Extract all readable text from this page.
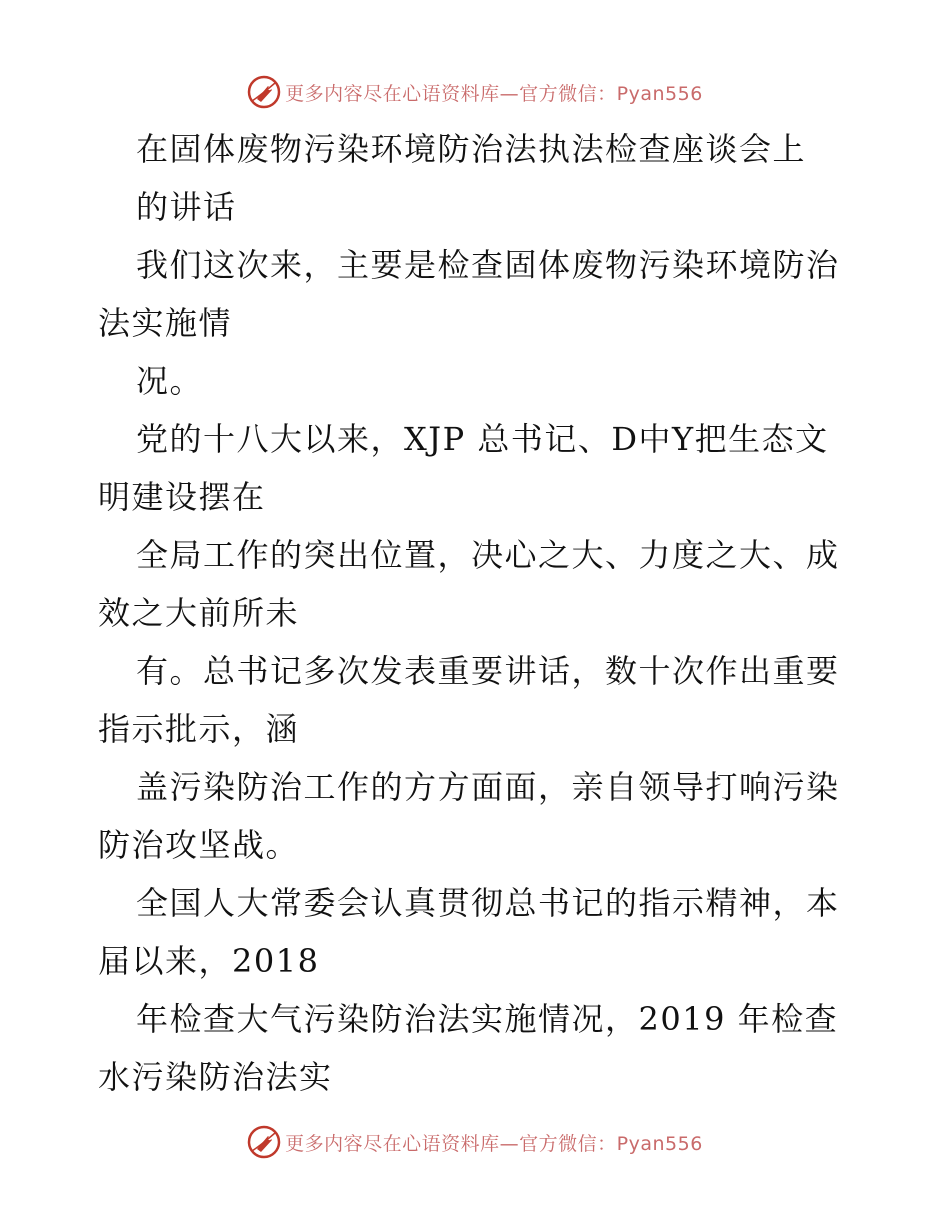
更多内容尽在心语资料库—官方微信：Pyan556
在固体废物污染环境防治法执法检查座谈会上
的讲话
我们这次来，主要是检查固体废物污染环境防治
法实施情
况。
党的十八大以来，XJP 总书记、D中Y把生态文
明建设摆在
全局工作的突出位置，决心之大、力度之大、成
效之大前所未
有。总书记多次发表重要讲话，数十次作出重要
指示批示，涵
盖污染防治工作的方方面面，亲自领导打响污染
防治攻坚战。
全国人大常委会认真贯彻总书记的指示精神，本
届以来，2018
年检查大气污染防治法实施情况，2019 年检查
水污染防治法实
更多内容尽在心语资料库—官方微信：Pyan556
